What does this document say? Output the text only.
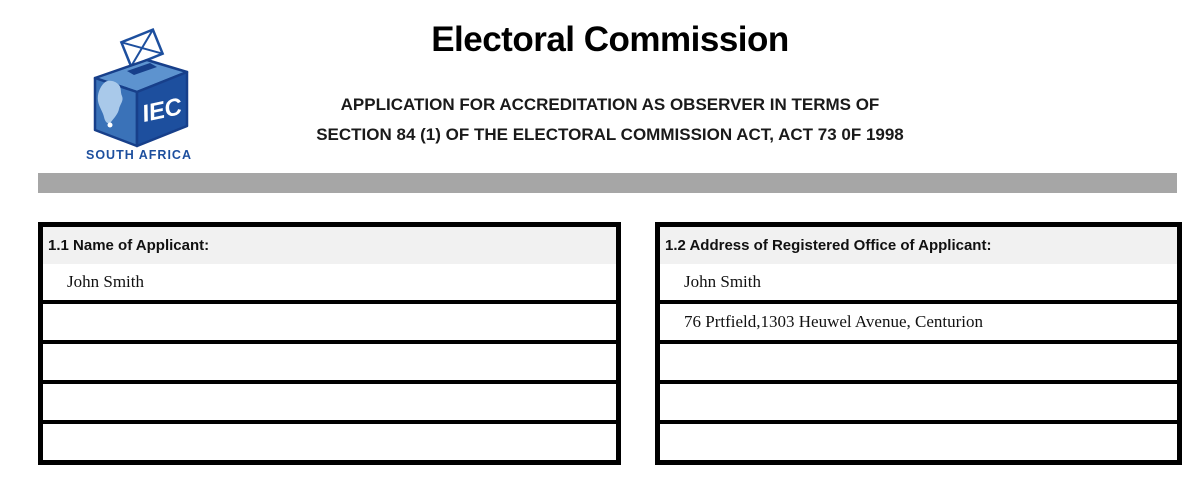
IEC
SOUTH AFRICA
Electoral Commission
APPLICATION FOR ACCREDITATION AS OBSERVER IN TERMS OF
SECTION 84 (1) OF THE ELECTORAL COMMISSION ACT, ACT 73 0F 1998
1.1 Name of Applicant:
John Smith
1.2 Address of Registered Office of Applicant:
John Smith
76 Prtfield,1303 Heuwel Avenue, Centurion
